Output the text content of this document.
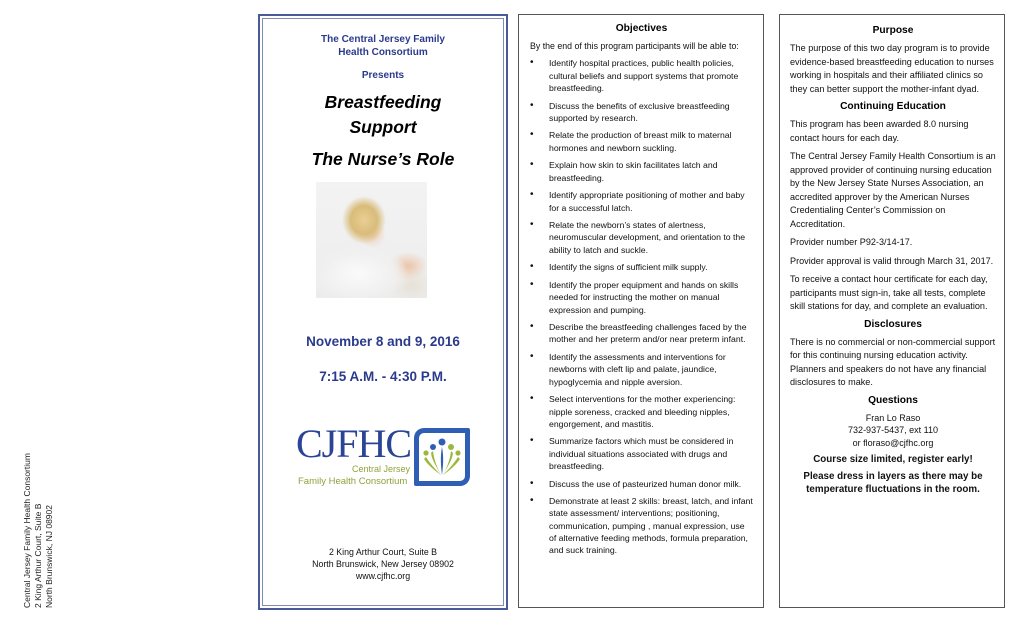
Central Jersey Family Health Consortium 2 King Arthur Court, Suite B North Brunswick, NJ 08902
The Central Jersey Family
Health Consortium
Presents
Breastfeeding
Support
The Nurse’s Role
November 8 and 9, 2016
7:15 A.M. - 4:30 P.M.
CJFHC
Central Jersey
Family Health Consortium
2 King Arthur Court, Suite B
North Brunswick, New Jersey 08902
www.cjfhc.org
Objectives

By the end of this program participants will be able to:

• Identify hospital practices, public health policies, cultural beliefs and support systems that promote breastfeeding.
• Discuss the benefits of exclusive breastfeeding supported by research.
• Relate the production of breast milk to maternal hormones and newborn suckling.
• Explain how skin to skin facilitates latch and breastfeeding.
• Identify appropriate positioning of mother and baby for a successful latch.
• Relate the newborn’s states of alertness, neuromuscular development, and orientation to the ability to latch and suckle.
• Identify the signs of sufficient milk supply.
• Identify the proper equipment and hands on skills needed for instructing the mother on manual expression and pumping.
• Describe the breastfeeding challenges faced by the mother and her preterm and/or near preterm infant.
• Identify the assessments and interventions for newborns with cleft lip and palate, jaundice, hypoglycemia and nipple aversion.
• Select interventions for the mother experiencing: nipple soreness, cracked and bleeding nipples, engorgement, and mastitis.
• Summarize factors which must be considered in individual situations associated with drugs and breastfeeding.
• Discuss the use of pasteurized human donor milk.
• Demonstrate at least 2 skills: breast, latch, and infant state assessment/ interventions; positioning, communication, pumping , manual expression, use of alternative feeding methods, formula preparation, and suck training.
Purpose

The purpose of this two day program is to provide evidence-based breastfeeding education to nurses working in hospitals and their affiliated clinics so they can better support the mother-infant dyad.

Continuing Education

This program has been awarded 8.0 nursing contact hours for each day.

The Central Jersey Family Health Consortium is an approved provider of continuing nursing education by the New Jersey State Nurses Association, an accredited approver by the American Nurses Credentialing Center’s Commission on Accreditation.

Provider number P92-3/14-17.

Provider approval is valid through March 31, 2017.

To receive a contact hour certificate for each day, participants must sign-in, take all tests, complete skill stations for day, and complete an evaluation.

Disclosures

There is no commercial or non-commercial support for this continuing nursing education activity. Planners and speakers do not have any financial disclosures to make.

Questions
Fran Lo Raso
732-937-5437, ext 110
or floraso@cjfhc.org

Course size limited, register early!

Please dress in layers as there may be temperature fluctuations in the room.
